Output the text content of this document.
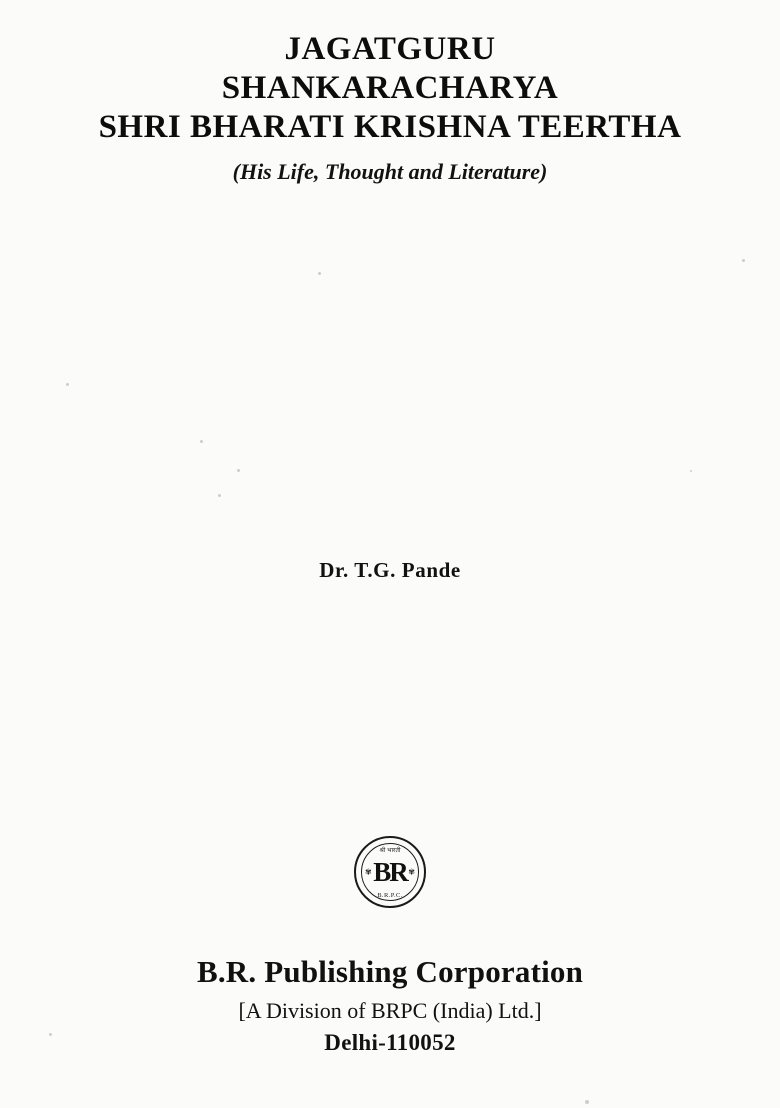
JAGATGURU
SHANKARACHARYA
SHRI BHARATI KRISHNA TEERTHA
(His Life, Thought and Literature)
Dr. T.G. Pande
श्री भारती
✾	✾
BR
B.R.P.C.
B.R. Publishing Corporation
[A Division of BRPC (India) Ltd.]
Delhi-110052
